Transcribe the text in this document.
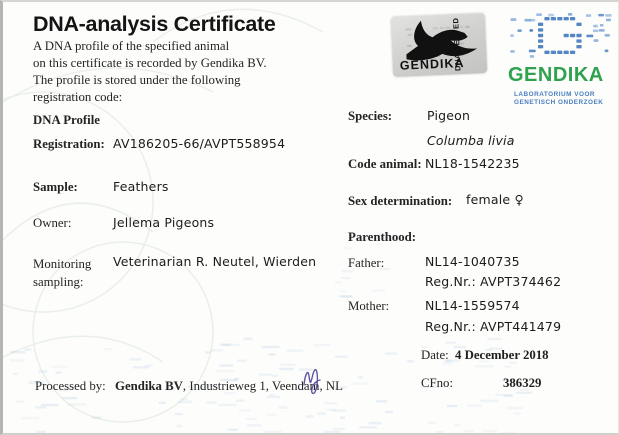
DNA-analysis Certificate
A DNA profile of the specified animal
on this certificate is recorded by Gendika BV.
The profile is stored under the following
registration code:
GENDIKA
DNA TESTED
GENDIKA
LABORATORIUM VOOR
GENETISCH ONDERZOEK
DNA Profile
Registration: AV186205-66/AVPT558954
Sample:	Feathers
Owner:	Jellema Pigeons
Monitoring
sampling:
Veterinarian R. Neutel, Wierden
Species:	Pigeon
Columba livia
Code animal: NL18-1542235
Sex determination: female ♀
Parenthood:
Father:	NL14-1040735
Reg.Nr.: AVPT374462
Mother:	NL14-1559574
Reg.Nr.: AVPT441479
Date: 4 December 2018
CFno:	386329
Processed by: Gendika BV, Industrieweg 1, Veendam, NL
